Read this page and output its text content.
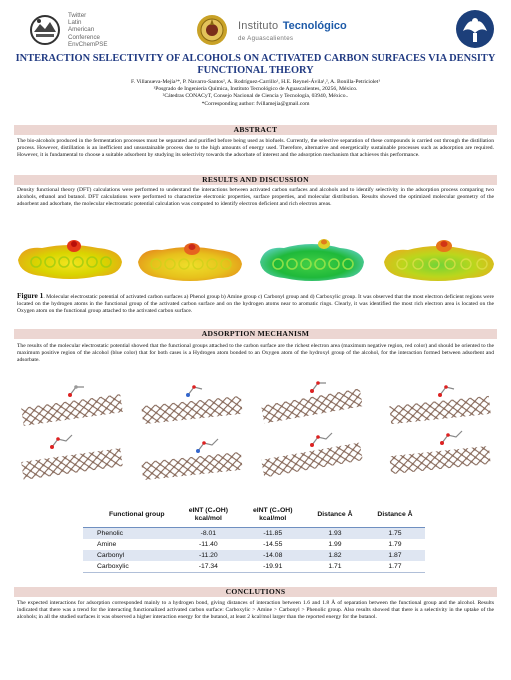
Twitter
Latin
American
Conference
EnvChemPSE
Instituto Tecnológico
de Aguascalientes
INTERACTION SELECTIVITY OF ALCOHOLS ON ACTIVATED CARBON SURFACES VIA DENSITY FUNCTIONAL THEORY
F. Villanueva-Mejía¹*, P. Navarro-Santos², A. Rodríguez-Carrillo¹, H.E. Reynel-Ávila¹,², A. Bonilla-Petriciolet¹
¹Posgrado de Ingeniería Química, Instituto Tecnológico de Aguascalientes, 20256, México.
²Cátedras CONACyT, Consejo Nacional de Ciencia y Tecnología, 03940, México..
*Corresponding author: fvillamejia@gmail.com
ABSTRACT
The bio-alcohols produced in the fermentation processes must be separated and purified before being used as biofuels. Currently, the selective separation of these compounds is carried out through the distillation process. However, distillation is an inefficient and unsustainable process due to the high amounts of energy used. Therefore, alternative and energetically sustainable processes such as adsorption are required. However, it is fundamental to choose a suitable adsorbent by studying its selectivity towards the adsorbate of interest and the adsorption mechanism that achieves this performance.
RESULTS AND DISCUSSION
Density functional theory (DFT) calculations were performed to understand the interactions between activated carbon surfaces and alcohols and to identify selectivity in the adsorption process comparing two alcohols, ethanol and butanol. DFT calculations were performed to characterize electronic properties, surface properties, and molecular distribution. Results showed the optimized molecular geometry of the adsorbent and adsorbate, the molecular electrostatic potential calculation was computed to identify electron deficient and rich electron areas.
Figure 1. Molecular electrostatic potential of activated carbon surfaces a) Phenol group b) Amine group c) Carbonyl group and d) Carboxylic group. It was observed that the most electron deficient regions were located on the hydrogen atoms in the functional group of the activated carbon surface and on the hydrogen atoms near to aromatic rings. Clearly, it was identified the most rich electron area is located on the Oxygen atom on the functional group attached to the activated carbon surface.
ADSORPTION MECHANISM
The results of the molecular electrostatic potential showed that the functional groups attached to the carbon surface are the richest electron area (maximum negative region, red color) and should be oriented to the maximum positive region of the alcohol (blue color) that for both cases is a Hydrogen atom bonded to an Oxygen atom of the hydroxyl group of the alcohol, for the interaction formed between adsorbent and adsorbate.
Functional group	eINT (C₂OH) kcal/mol	eINT (C₄OH) kcal/mol	Distance Å	Distance Å
Phenolic	-8.01	-11.85	1.93	1.75
Amine	-11.40	-14.55	1.99	1.79
Carbonyl	-11.20	-14.08	1.82	1.87
Carboxylic	-17.34	-19.91	1.71	1.77
CONCLUTIONS
The expected interactions for adsorption corresponded mainly to a hydrogen bond, giving distances of interaction between 1.6 and 1.8 Å of separation between the functional group and the alcohol. Results indicated that there was a trend for the interacting functionalized activated carbon surface: Carboxylic > Amine > Carbonyl > Phenolic group. Also results showed that there is a selectivity in the uptake of the alcohols; in all the studied surfaces it was observed a higher interaction energy for the butanol, at least 2 kcal/mol larger than the reported energy for the butanol.
